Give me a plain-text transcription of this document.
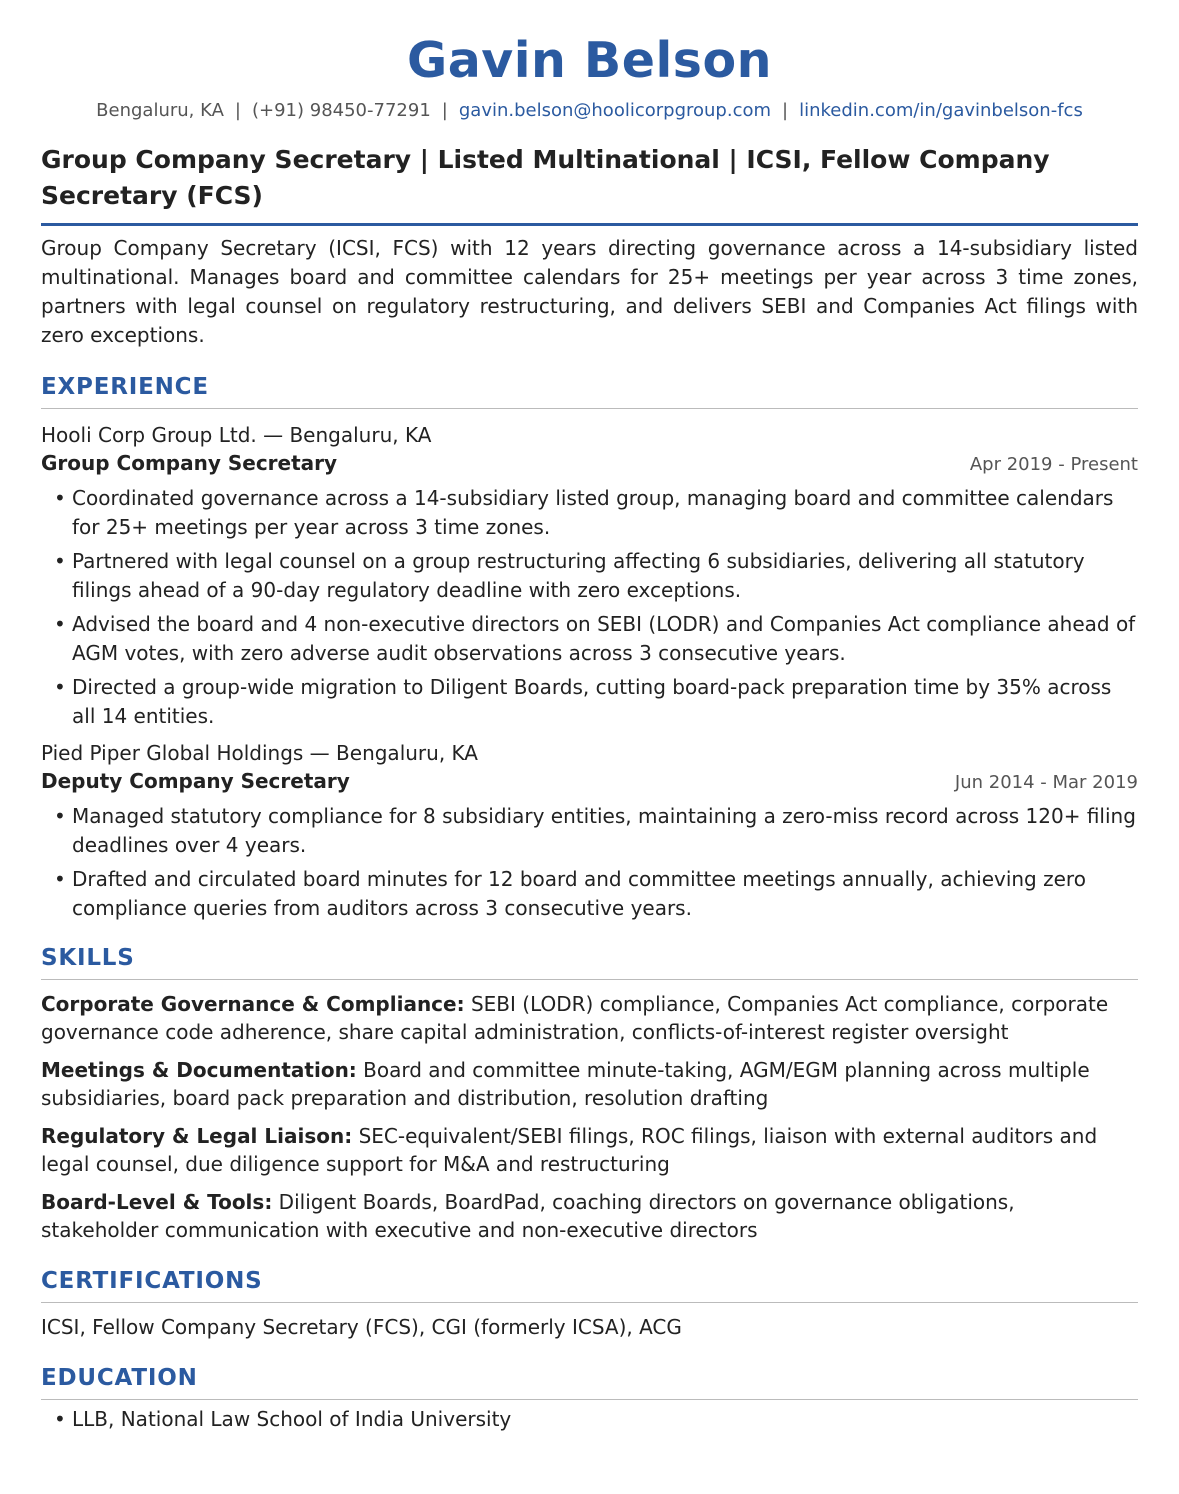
Gavin Belson
Bengaluru, KA | (+91) 98450-77291 | gavin.belson@hoolicorpgroup.com | linkedin.com/in/gavinbelson-fcs
Group Company Secretary | Listed Multinational | ICSI, Fellow Company Secretary (FCS)
Group Company Secretary (ICSI, FCS) with 12 years directing governance across a 14-subsidiary listed multinational. Manages board and committee calendars for 25+ meetings per year across 3 time zones, partners with legal counsel on regulatory restructuring, and delivers SEBI and Companies Act filings with zero exceptions.
EXPERIENCE
Hooli Corp Group Ltd. — Bengaluru, KA
Group Company Secretary	Apr 2019 - Present
• Coordinated governance across a 14-subsidiary listed group, managing board and committee calendars for 25+ meetings per year across 3 time zones.
• Partnered with legal counsel on a group restructuring affecting 6 subsidiaries, delivering all statutory filings ahead of a 90-day regulatory deadline with zero exceptions.
• Advised the board and 4 non-executive directors on SEBI (LODR) and Companies Act compliance ahead of AGM votes, with zero adverse audit observations across 3 consecutive years.
• Directed a group-wide migration to Diligent Boards, cutting board-pack preparation time by 35% across all 14 entities.
Pied Piper Global Holdings — Bengaluru, KA
Deputy Company Secretary	Jun 2014 - Mar 2019
• Managed statutory compliance for 8 subsidiary entities, maintaining a zero-miss record across 120+ filing deadlines over 4 years.
• Drafted and circulated board minutes for 12 board and committee meetings annually, achieving zero compliance queries from auditors across 3 consecutive years.
SKILLS
Corporate Governance & Compliance: SEBI (LODR) compliance, Companies Act compliance, corporate governance code adherence, share capital administration, conflicts-of-interest register oversight
Meetings & Documentation: Board and committee minute-taking, AGM/EGM planning across multiple subsidiaries, board pack preparation and distribution, resolution drafting
Regulatory & Legal Liaison: SEC-equivalent/SEBI filings, ROC filings, liaison with external auditors and legal counsel, due diligence support for M&A and restructuring
Board-Level & Tools: Diligent Boards, BoardPad, coaching directors on governance obligations, stakeholder communication with executive and non-executive directors
CERTIFICATIONS
ICSI, Fellow Company Secretary (FCS), CGI (formerly ICSA), ACG
EDUCATION
• LLB, National Law School of India University
